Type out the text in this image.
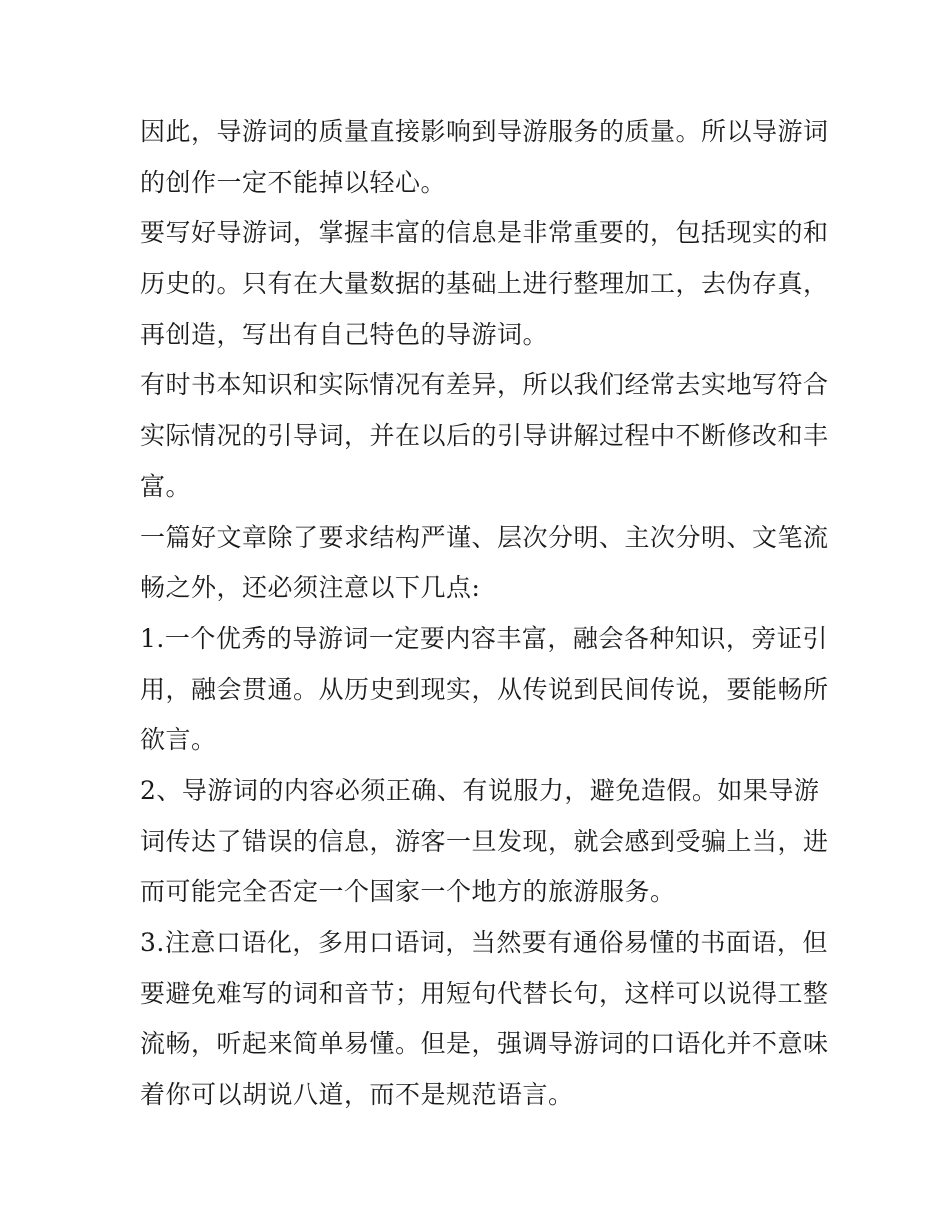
因此，导游词的质量直接影响到导游服务的质量。所以导游词
的创作一定不能掉以轻心。
要写好导游词，掌握丰富的信息是非常重要的，包括现实的和
历史的。只有在大量数据的基础上进行整理加工，去伪存真，
再创造，写出有自己特色的导游词。
有时书本知识和实际情况有差异，所以我们经常去实地写符合
实际情况的引导词，并在以后的引导讲解过程中不断修改和丰
富。
一篇好文章除了要求结构严谨、层次分明、主次分明、文笔流
畅之外，还必须注意以下几点:
1.一个优秀的导游词一定要内容丰富，融会各种知识，旁证引
用，融会贯通。从历史到现实，从传说到民间传说，要能畅所
欲言。
2、导游词的内容必须正确、有说服力，避免造假。如果导游
词传达了错误的信息，游客一旦发现，就会感到受骗上当，进
而可能完全否定一个国家一个地方的旅游服务。
3.注意口语化，多用口语词，当然要有通俗易懂的书面语，但
要避免难写的词和音节；用短句代替长句，这样可以说得工整
流畅，听起来简单易懂。但是，强调导游词的口语化并不意味
着你可以胡说八道，而不是规范语言。
